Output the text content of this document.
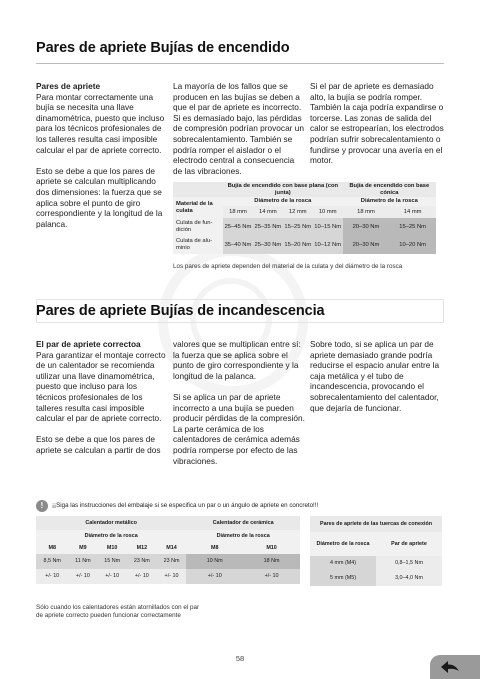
Pares de apriete Bujías de encendido

Pares de apriete

Para montar correctamente una bujía se necesita una llave dinamométrica, puesto que incluso para los técnicos profesionales de los talleres resulta casi imposible calcular el par de apriete correcto.

Esto se debe a que los pares de apriete se calculan multiplicando dos dimensiones: la fuerza que se aplica sobre el punto de giro correspondiente y la longitud de la palanca.

La mayoría de los fallos que se producen en las bujías se deben a que el par de apriete es incorrecto. Si es demasiado bajo, las pérdidas de compresión podrían provocar un sobrecalentamiento. También se podría romper el aislador o el electrodo central a consecuencia de las vibraciones.

Si el par de apriete es demasiado alto, la bujía se podría romper. También la caja podría expandirse o torcerse. Las zonas de salida del calor se estropearían, los electrodos podrían sufrir sobrecalentamiento o fundirse y provocar una avería en el motor.

	Bujía de encendido con base plana (con junta)				Bujía de encendido con base cónica	
Material de la culata	Diámetro de la rosca				Diámetro de la rosca	
	18 mm	14 mm	12 mm	10 mm	18 mm	14 mm
Culata de fun- dición	25–45 Nm	25–35 Nm	15–25 Nm	10–15 Nm	20–30 Nm	15–25 Nm
Culata de alu- minio	35–40 Nm	25–30 Nm	15–20 Nm	10–12 Nm	20–30 Nm	10–20 Nm
Los pares de apriete dependen del material de la culata y del diámetro de la rosca
Pares de apriete Bujías de incandescencia

El par de apriete correctoa

Para garantizar el montaje correcto de un calentador se recomienda utilizar una llave dinamométrica, puesto que incluso para los técnicos profesionales de los talleres resulta casi imposible calcular el par de apriete correcto.

Esto se debe a que los pares de apriete se calculan a partir de dos

valores que se multiplican entre sí: la fuerza que se aplica sobre el punto de giro correspondiente y la longitud de la palanca.

Si se aplica un par de apriete incorrecto a una bujía se pueden producir pérdidas de la compresión. La parte cerámica de los calentadores de cerámica además podría romperse por efecto de las vibraciones.

Sobre todo, si se aplica un par de apriete demasiado grande podría reducirse el espacio anular entre la caja metálica y el tubo de incandescencia, provocando el sobrecalentamiento del calentador, que dejaría de funcionar.

!	¡¡Siga las instrucciones del embalaje si se especifica un par o un ángulo de apriete en concreto!!!
Calentador metálico					Calentador de cerámica	
Diámetro de la rosca					Diámetro de la rosca	
M8	M9	M10	M12	M14	M8	M10
8,5 Nm	11 Nm	15 Nm	23 Nm	23 Nm	10 Nm	18 Nm
+/- 10	+/- 10	+/- 10	+/- 10	+/- 10	+/- 10	+/- 10
Pares de apriete de las tuercas de conexión	
Diámetro de la rosca	Par de apriete
4 mm (M4)	0,8–1,5 Nm
5 mm (M5)	3,0–4,0 Nm
Sólo cuando los calentadores están atornillados con el par de apriete correcto pueden funcionar correctamente
58
